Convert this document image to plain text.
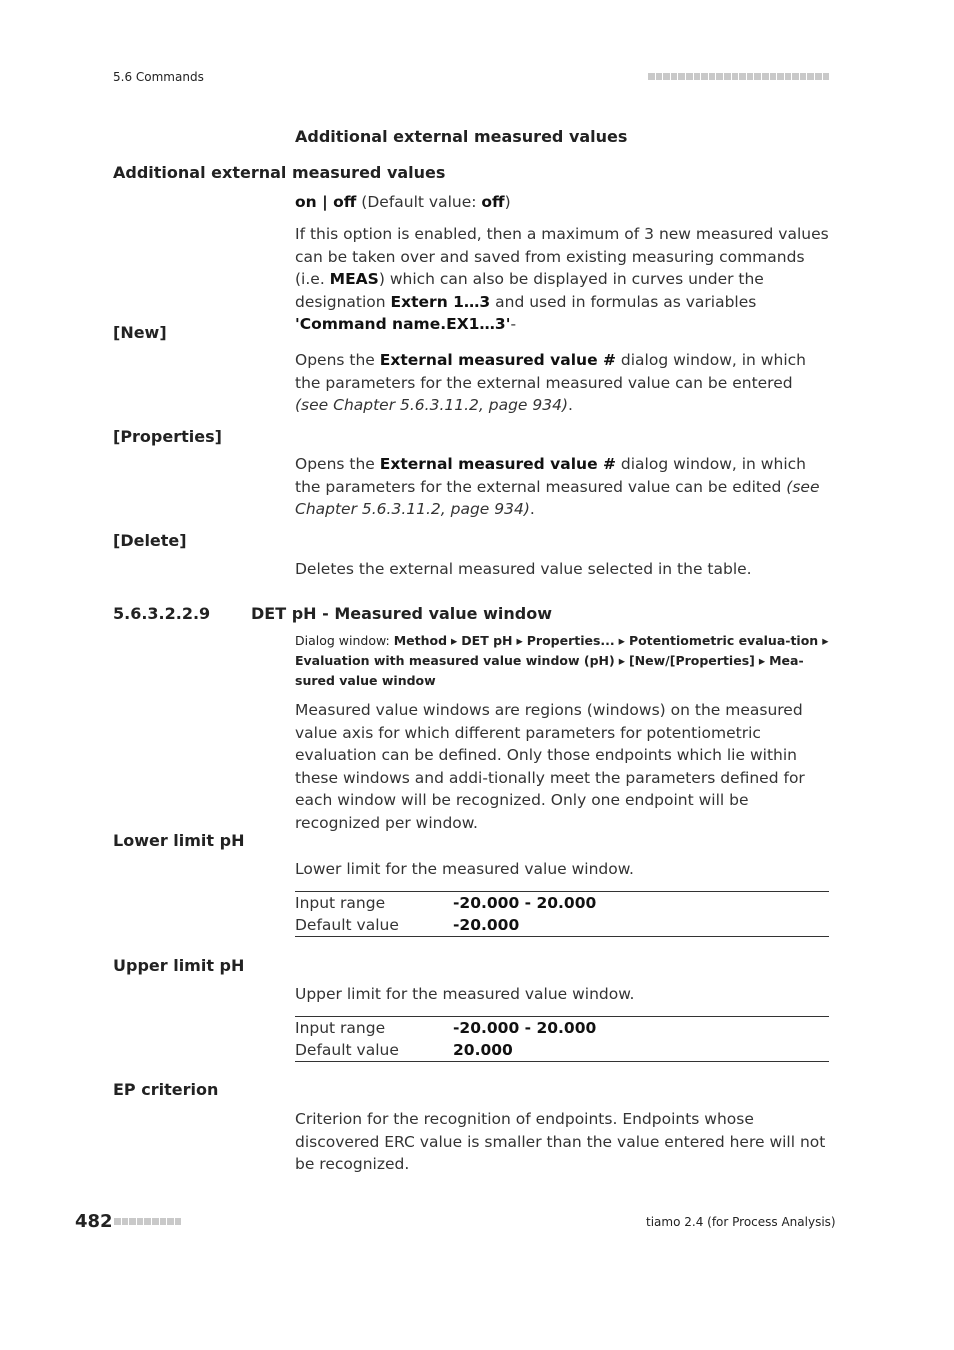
5.6 Commands
Additional external measured values
Additional external measured values
on | off (Default value: off)
If this option is enabled, then a maximum of 3 new measured values can be taken over and saved from existing measuring commands (i.e. MEAS) which can also be displayed in curves under the designation Extern 1…3 and used in formulas as variables 'Command name.EX1…3'-
[New]
Opens the External measured value # dialog window, in which the parameters for the external measured value can be entered (see Chapter 5.6.3.11.2, page 934).
[Properties]
Opens the External measured value # dialog window, in which the parameters for the external measured value can be edited (see Chapter 5.6.3.11.2, page 934).
[Delete]
Deletes the external measured value selected in the table.
5.6.3.2.2.9	DET pH - Measured value window
Dialog window: Method ▸ DET pH ▸ Properties... ▸ Potentiometric evalua-tion ▸ Evaluation with measured value window (pH) ▸ [New/[Properties] ▸ Mea-sured value window
Measured value windows are regions (windows) on the measured value axis for which different parameters for potentiometric evaluation can be defined. Only those endpoints which lie within these windows and addi-tionally meet the parameters defined for each window will be recognized. Only one endpoint will be recognized per window.
Lower limit pH
Lower limit for the measured value window.
Input range	-20.000 - 20.000
Default value	-20.000
Upper limit pH
Upper limit for the measured value window.
Input range	-20.000 - 20.000
Default value	20.000
EP criterion
Criterion for the recognition of endpoints. Endpoints whose discovered ERC value is smaller than the value entered here will not be recognized.
482	tiamo 2.4 (for Process Analysis)
